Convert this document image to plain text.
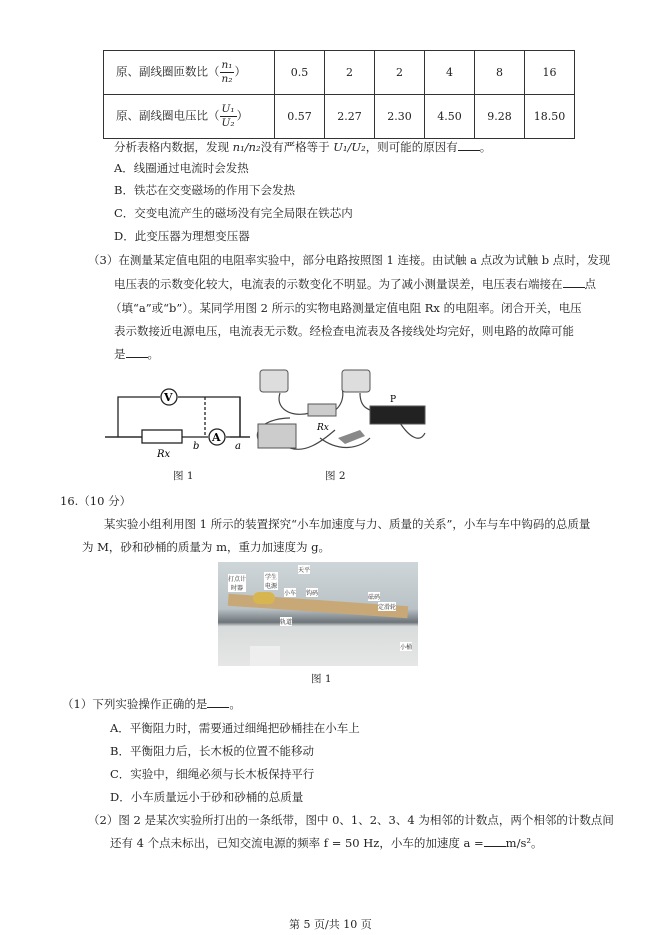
原、副线圈匝数比（ $\frac{\text{n₁}}{\text{n₂}}$ ）	0.5	2	2	4	8	16
原、副线圈电压比（ $\frac{\text{U₁}}{\text{U₂}}$ ）	0.57	2.27	2.30	4.50	9.28	18.50
分析表格内数据，发现 n₁/n₂没有严格等于 U₁/U₂，则可能的原因有 。
A．线圈通过电流时会发热
B．铁芯在交变磁场的作用下会发热
C．交变电流产生的磁场没有完全局限在铁芯内
D．此变压器为理想变压器
（3）在测量某定值电阻的电阻率实验中，部分电路按照图 1 连接。由试触 a 点改为试触 b 点时，发现
电压表的示数变化较大，电流表的示数变化不明显。为了减小测量误差，电压表右端接在 点
（填“a”或“b”）。某同学用图 2 所示的实物电路测量定值电阻 Rx 的电阻率。闭合开关，电压
表示数接近电源电压，电流表无示数。经检查电流表及各接线处均完好，则电路的故障可能
是 。
V
A
Rx
b	a
图 1
Rx
P
图 2
16.（10 分）
某实验小组利用图 1 所示的装置探究“小车加速度与力、质量的关系”，小车与车中钩码的总质量
为 M，砂和砂桶的质量为 m，重力加速度为 g。
打点计时器
学生电源
天平
小车 钩码
砝码
定滑轮
轨道
小桶
图 1
（1）下列实验操作正确的是 。
A．平衡阻力时，需要通过细绳把砂桶挂在小车上
B．平衡阻力后，长木板的位置不能移动
C．实验中，细绳必须与长木板保持平行
D．小车质量远小于砂和砂桶的总质量
（2）图 2 是某次实验所打出的一条纸带，图中 0、1、2、3、4 为相邻的计数点，两个相邻的计数点间
还有 4 个点未标出，已知交流电源的频率 f = 50 Hz，小车的加速度 a = m/s²。
第 5 页/共 10 页
